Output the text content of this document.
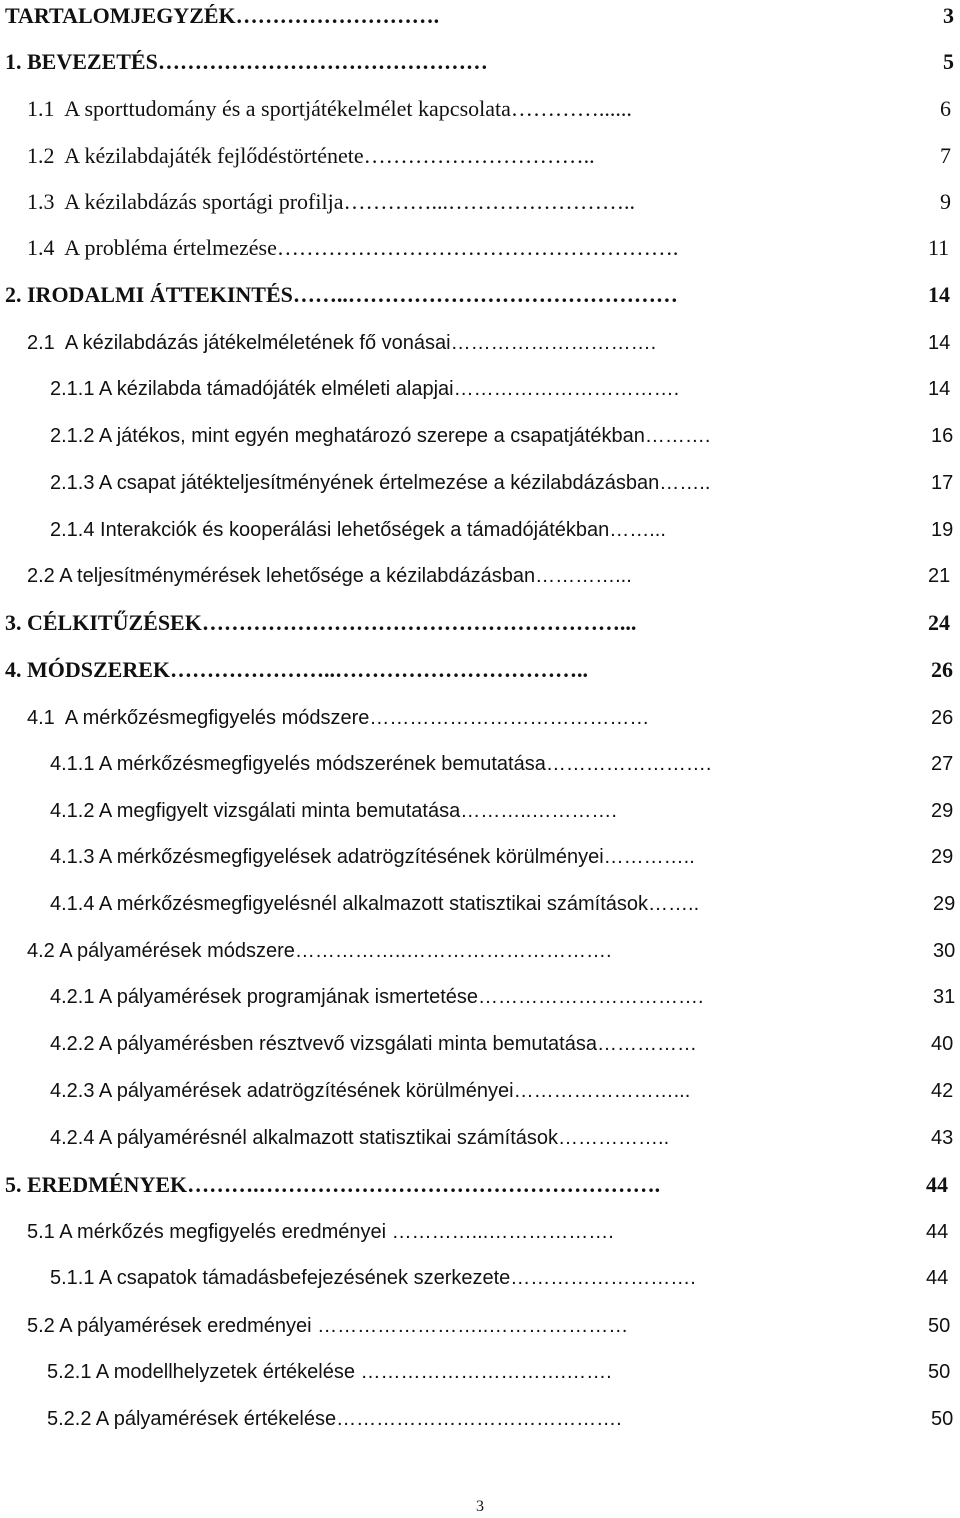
TARTALOMJEGYZÉK……………………….	3
1. BEVEZETÉS………………………………………	5
1.1  A sporttudomány és a sportjátékelmélet kapcsolata…………......	6
1.2  A kézilabdajáték fejlődéstörténete…………………………..	7
1.3  A kézilabdázás sportági profilja…………...……………………..	9
1.4  A probléma értelmezése……………………………………………….	11
2. IRODALMI ÁTTEKINTÉS……..………………………………………	14
2.1  A kézilabdázás játékelméletének fő vonásai………………………….	14
2.1.1 A kézilabda támadójáték elméleti alapjai…………………………….	14
2.1.2 A játékos, mint egyén meghatározó szerepe a csapatjátékban……….	16
2.1.3 A csapat játékteljesítményének értelmezése a kézilabdázásban……..	17
2.1.4 Interakciók és kooperálási lehetőségek a támadójátékban……...	19
2.2 A teljesítménymérések lehetősége a kézilabdázásban…………...	21
3. CÉLKITŰZÉSEK…………………………………………………...	24
4. MÓDSZEREK…………………..……………………………..	26
4.1  A mérkőzésmegfigyelés módszere……………………………………	26
4.1.1 A mérkőzésmegfigyelés módszerének bemutatása…………………….	27
4.1.2 A megfigyelt vizsgálati minta bemutatása………..………….	29
4.1.3 A mérkőzésmegfigyelések adatrögzítésének körülményei…………..	29
4.1.4 A mérkőzésmegfigyelésnél alkalmazott statisztikai számítások……..	29
4.2 A pályamérések módszere……………..………………………….	30
4.2.1 A pályamérések programjának ismertetése…………………………….	31
4.2.2 A pályamérésben résztvevő vizsgálati minta bemutatása……………	40
4.2.3 A pályamérések adatrögzítésének körülményei……………………...	42
4.2.4 A pályamérésnél alkalmazott statisztikai számítások……………..	43
5. EREDMÉNYEK……….……………………………………………….	44
5.1 A mérkőzés megfigyelés eredményei …………...……………….	44
5.1.1 A csapatok támadásbefejezésének szerkezete……………………….	44
5.2 A pályamérések eredményei ……………………..…………………	50
5.2.1 A modellhelyzetek értékelése ………………………….…….	50
5.2.2 A pályamérések értékelése…………………………………….	50
3
